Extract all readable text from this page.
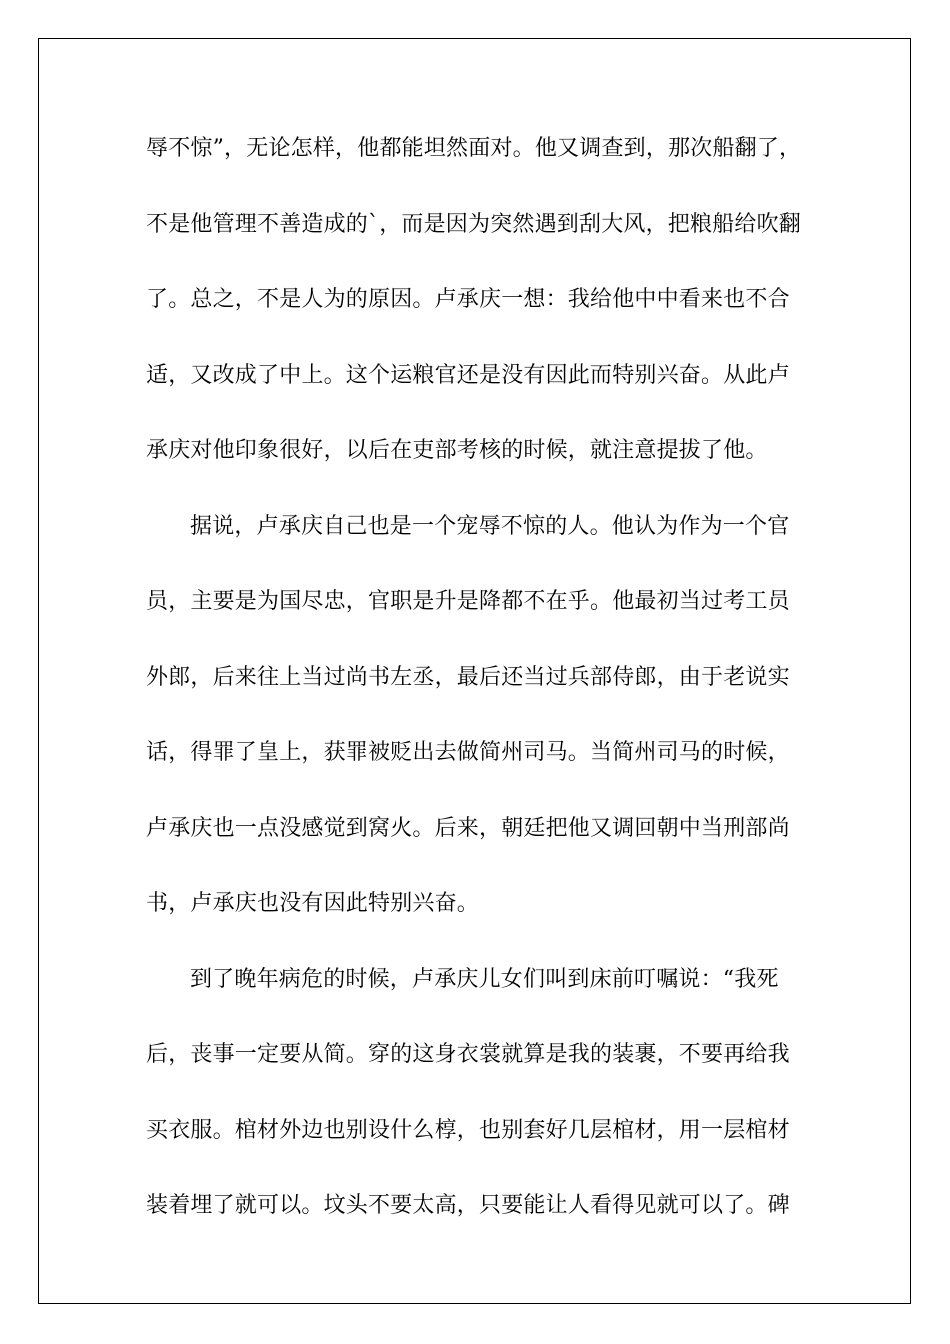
辱不惊”，无论怎样，他都能坦然面对。他又调查到，那次船翻了，
不是他管理不善造成的`，而是因为突然遇到刮大风，把粮船给吹翻
了。总之，不是人为的原因。卢承庆一想：我给他中中看来也不合
适，又改成了中上。这个运粮官还是没有因此而特别兴奋。从此卢
承庆对他印象很好，以后在吏部考核的时候，就注意提拔了他。
据说，卢承庆自己也是一个宠辱不惊的人。他认为作为一个官
员，主要是为国尽忠，官职是升是降都不在乎。他最初当过考工员
外郎，后来往上当过尚书左丞，最后还当过兵部侍郎，由于老说实
话，得罪了皇上，获罪被贬出去做简州司马。当简州司马的时候，
卢承庆也一点没感觉到窝火。后来，朝廷把他又调回朝中当刑部尚
书，卢承庆也没有因此特别兴奋。
到了晚年病危的时候，卢承庆儿女们叫到床前叮嘱说：“我死
后，丧事一定要从简。穿的这身衣裳就算是我的装裹，不要再给我
买衣服。棺材外边也别设什么椁，也别套好几层棺材，用一层棺材
装着埋了就可以。坟头不要太高，只要能让人看得见就可以了。碑
